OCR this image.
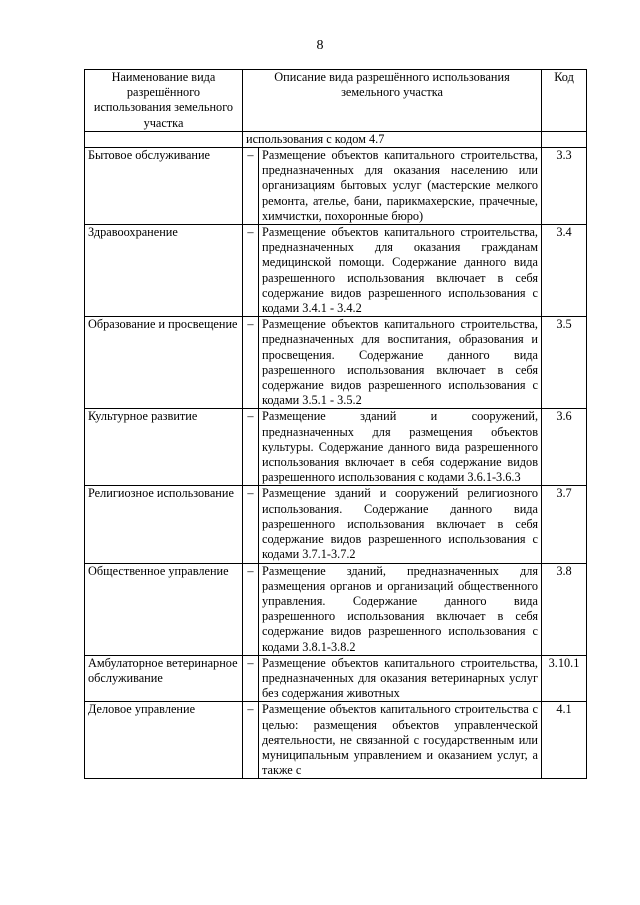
8
Наименование вида разрешённого использования земельного участка	Описание вида разрешённого использования земельного участка		Код
	использования с кодом 4.7		
Бытовое обслуживание	–	Размещение объектов капитального строительства, предназначенных для оказания населению или организациям бытовых услуг (мастерские мелкого ремонта, ателье, бани, парикмахерские, прачечные, химчистки, похоронные бюро)	3.3
Здравоохранение	–	Размещение объектов капитального строительства, предназначенных для оказания гражданам медицинской помощи. Содержание данного вида разрешенного использования включает в себя содержание видов разрешенного использования с кодами 3.4.1 - 3.4.2	3.4
Образование и просвещение	–	Размещение объектов капитального строительства, предназначенных для воспитания, образования и просвещения. Содержание данного вида разрешенного использования включает в себя содержание видов разрешенного использования с кодами 3.5.1 - 3.5.2	3.5
Культурное развитие	–	Размещение зданий и сооружений, предназначенных для размещения объектов культуры. Содержание данного вида разрешенного использования включает в себя содержание видов разрешенного использования с кодами 3.6.1-3.6.3	3.6
Религиозное использование	–	Размещение зданий и сооружений религиозного использования. Содержание данного вида разрешенного использования включает в себя содержание видов разрешенного использования с кодами 3.7.1-3.7.2	3.7
Общественное управление	–	Размещение зданий, предназначенных для размещения органов и организаций общественного управления. Содержание данного вида разрешенного использования включает в себя содержание видов разрешенного использования с кодами 3.8.1-3.8.2	3.8
Амбулаторное ветеринарное обслуживание	–	Размещение объектов капитального строительства, предназначенных для оказания ветеринарных услуг без содержания животных	3.10.1
Деловое управление	–	Размещение объектов капитального строительства с целью: размещения объектов управленческой деятельности, не связанной с государственным или муниципальным управлением и оказанием услуг, а также с	4.1
